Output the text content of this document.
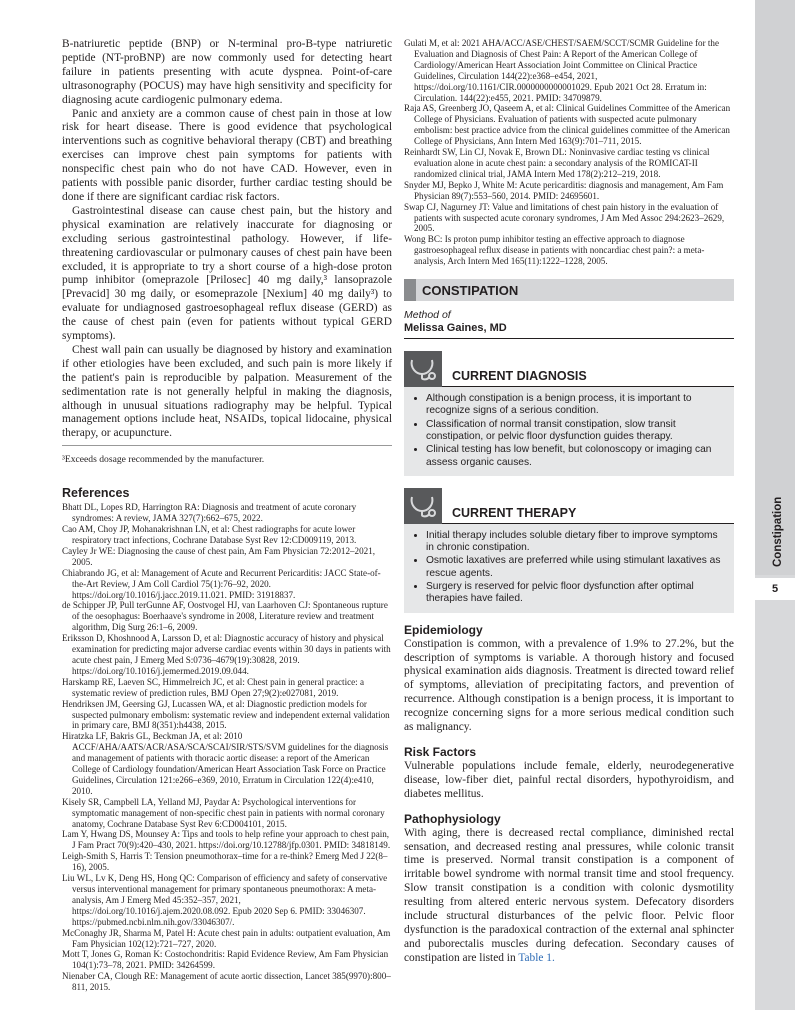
B-natriuretic peptide (BNP) or N-terminal pro-B-type natriuretic peptide (NT-proBNP) are now commonly used for detecting heart failure in patients presenting with acute dyspnea. Point-of-care ultrasonography (POCUS) may have high sensitivity and specificity for diagnosing acute cardiogenic pulmonary edema.

Panic and anxiety are a common cause of chest pain in those at low risk for heart disease. There is good evidence that psychological interventions such as cognitive behavioral therapy (CBT) and breathing exercises can improve chest pain symptoms for patients with nonspecific chest pain who do not have CAD. However, even in patients with possible panic disorder, further cardiac testing should be done if there are significant cardiac risk factors.

Gastrointestinal disease can cause chest pain, but the history and physical examination are relatively inaccurate for diagnosing or excluding serious gastrointestinal pathology. However, if life-threatening cardiovascular or pulmonary causes of chest pain have been excluded, it is appropriate to try a short course of a high-dose proton pump inhibitor (omeprazole [Prilosec] 40 mg daily,³ lansoprazole [Prevacid] 30 mg daily, or esomeprazole [Nexium] 40 mg daily³) to evaluate for undiagnosed gastroesophageal reflux disease (GERD) as the cause of chest pain (even for patients without typical GERD symptoms).

Chest wall pain can usually be diagnosed by history and examination if other etiologies have been excluded, and such pain is more likely if the patient's pain is reproducible by palpation. Measurement of the sedimentation rate is not generally helpful in making the diagnosis, although in unusual situations radiography may be helpful. Typical management options include heat, NSAIDs, topical lidocaine, physical therapy, or acupuncture.

³Exceeds dosage recommended by the manufacturer.
References

Bhatt DL, Lopes RD, Harrington RA: Diagnosis and treatment of acute coronary syndromes: A review, JAMA 327(7):662–675, 2022.

Cao AM, Choy JP, Mohanakrishnan LN, et al: Chest radiographs for acute lower respiratory tract infections, Cochrane Database Syst Rev 12:CD009119, 2013.

Cayley Jr WE: Diagnosing the cause of chest pain, Am Fam Physician 72:2012–2021, 2005.

Chiabrando JG, et al: Management of Acute and Recurrent Pericarditis: JACC State-of-the-Art Review, J Am Coll Cardiol 75(1):76–92, 2020. https://doi.org/10.1016/j.jacc.2019.11.021. PMID: 31918837.

de Schipper JP, Pull terGunne AF, Oostvogel HJ, van Laarhoven CJ: Spontaneous rupture of the oesophagus: Boerhaave's syndrome in 2008, Literature review and treatment algorithm, Dig Surg 26:1–6, 2009.

Eriksson D, Khoshnood A, Larsson D, et al: Diagnostic accuracy of history and physical examination for predicting major adverse cardiac events within 30 days in patients with acute chest pain, J Emerg Med S:0736–4679(19):30828, 2019. https://doi.org/10.1016/j.jemermed.2019.09.044.

Harskamp RE, Laeven SC, Himmelreich JC, et al: Chest pain in general practice: a systematic review of prediction rules, BMJ Open 27;9(2):e027081, 2019.

Hendriksen JM, Geersing GJ, Lucassen WA, et al: Diagnostic prediction models for suspected pulmonary embolism: systematic review and independent external validation in primary care, BMJ 8(351):h4438, 2015.

Hiratzka LF, Bakris GL, Beckman JA, et al: 2010 ACCF/AHA/AATS/ACR/ASA/SCA/SCAI/SIR/STS/SVM guidelines for the diagnosis and management of patients with thoracic aortic disease: a report of the American College of Cardiology foundation/American Heart Association Task Force on Practice Guidelines, Circulation 121:e266–e369, 2010, Erratum in Circulation 122(4):e410, 2010.

Kisely SR, Campbell LA, Yelland MJ, Paydar A: Psychological interventions for symptomatic management of non-specific chest pain in patients with normal coronary anatomy, Cochrane Database Syst Rev 6:CD004101, 2015.

Lam Y, Hwang DS, Mounsey A: Tips and tools to help refine your approach to chest pain, J Fam Pract 70(9):420–430, 2021. https://doi.org/10.12788/jfp.0301. PMID: 34818149.

Leigh-Smith S, Harris T: Tension pneumothorax–time for a re-think? Emerg Med J 22(8–16), 2005.

Liu WL, Lv K, Deng HS, Hong QC: Comparison of efficiency and safety of conservative versus interventional management for primary spontaneous pneumothorax: A meta-analysis, Am J Emerg Med 45:352–357, 2021, https://doi.org/10.1016/j.ajem.2020.08.092. Epub 2020 Sep 6. PMID: 33046307. https://pubmed.ncbi.nlm.nih.gov/33046307/.

McConaghy JR, Sharma M, Patel H: Acute chest pain in adults: outpatient evaluation, Am Fam Physician 102(12):721–727, 2020.

Mott T, Jones G, Roman K: Costochondritis: Rapid Evidence Review, Am Fam Physician 104(1):73–78, 2021. PMID: 34264599.

Nienaber CA, Clough RE: Management of acute aortic dissection, Lancet 385(9970):800–811, 2015.

Gulati M, et al: 2021 AHA/ACC/ASE/CHEST/SAEM/SCCT/SCMR Guideline for the Evaluation and Diagnosis of Chest Pain: A Report of the American College of Cardiology/American Heart Association Joint Committee on Clinical Practice Guidelines, Circulation 144(22):e368–e454, 2021, https://doi.org/10.1161/CIR.0000000000001029. Epub 2021 Oct 28. Erratum in: Circulation. 144(22):e455, 2021. PMID: 34709879.

Raja AS, Greenberg JO, Qaseem A, et al: Clinical Guidelines Committee of the American College of Physicians. Evaluation of patients with suspected acute pulmonary embolism: best practice advice from the clinical guidelines committee of the American College of Physicians, Ann Intern Med 163(9):701–711, 2015.

Reinhardt SW, Lin CJ, Novak E, Brown DL: Noninvasive cardiac testing vs clinical evaluation alone in acute chest pain: a secondary analysis of the ROMICAT-II randomized clinical trial, JAMA Intern Med 178(2):212–219, 2018.

Snyder MJ, Bepko J, White M: Acute pericarditis: diagnosis and management, Am Fam Physician 89(7):553–560, 2014. PMID: 24695601.

Swap CJ, Nagurney JT: Value and limitations of chest pain history in the evaluation of patients with suspected acute coronary syndromes, J Am Med Assoc 294:2623–2629, 2005.

Wong BC: Is proton pump inhibitor testing an effective approach to diagnose gastroesophageal reflux disease in patients with noncardiac chest pain?: a meta-analysis, Arch Intern Med 165(11):1222–1228, 2005.

CONSTIPATION
Method of
Melissa Gaines, MD
CURRENT DIAGNOSIS
• Although constipation is a benign process, it is important to recognize signs of a serious condition.
• Classification of normal transit constipation, slow transit constipation, or pelvic floor dysfunction guides therapy.
• Clinical testing has low benefit, but colonoscopy or imaging can assess organic causes.
CURRENT THERAPY
• Initial therapy includes soluble dietary fiber to improve symptoms in chronic constipation.
• Osmotic laxatives are preferred while using stimulant laxatives as rescue agents.
• Surgery is reserved for pelvic floor dysfunction after optimal therapies have failed.
Epidemiology

Constipation is common, with a prevalence of 1.9% to 27.2%, but the description of symptoms is variable. A thorough history and focused physical examination aids diagnosis. Treatment is directed toward relief of symptoms, alleviation of precipitating factors, and prevention of recurrence. Although constipation is a benign process, it is important to recognize concerning signs for a more serious medical condition such as malignancy.

Risk Factors

Vulnerable populations include female, elderly, neurodegenerative disease, low-fiber diet, painful rectal disorders, hypothyroidism, and diabetes mellitus.

Pathophysiology

With aging, there is decreased rectal compliance, diminished rectal sensation, and decreased resting anal pressures, while colonic transit time is preserved. Normal transit constipation is a component of irritable bowel syndrome with normal transit time and stool frequency. Slow transit constipation is a condition with colonic dysmotility resulting from altered enteric nervous system. Defecatory disorders include structural disturbances of the pelvic floor. Pelvic floor dysfunction is the paradoxical contraction of the external anal sphincter and puborectalis muscles during defecation. Secondary causes of constipation are listed in Table 1.

Constipation
5
